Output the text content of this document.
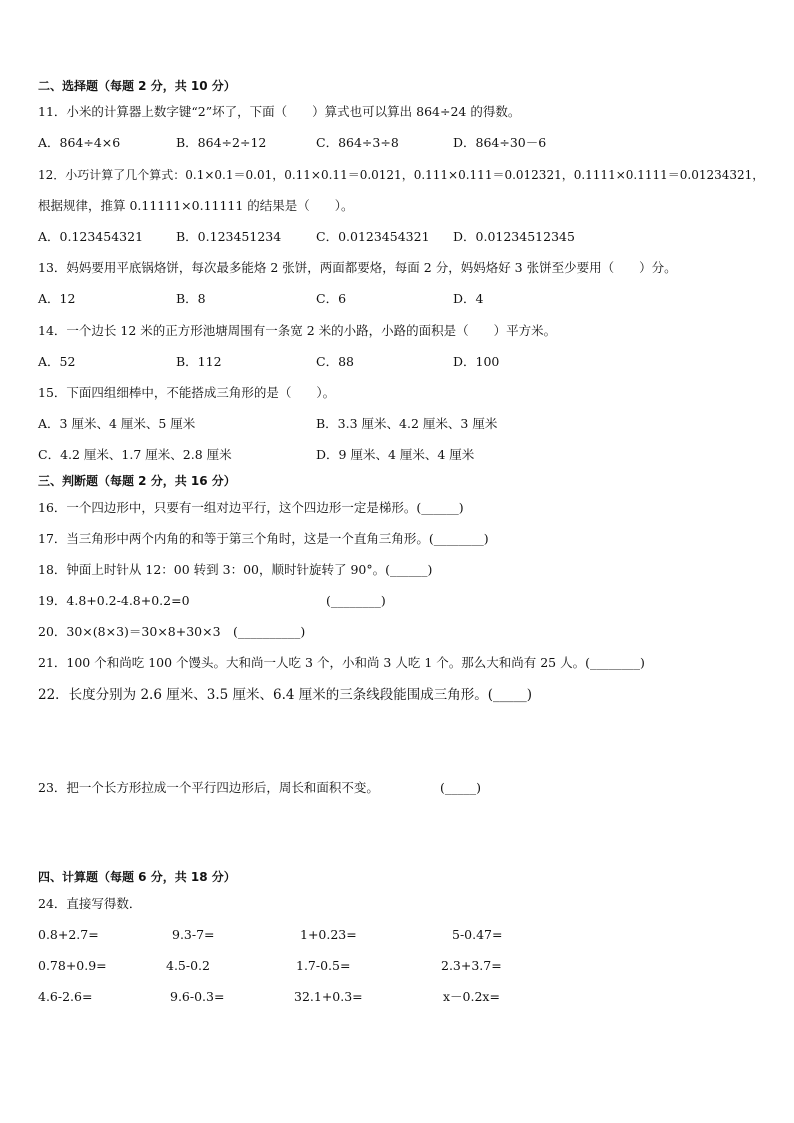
二、选择题（每题 2 分，共 10 分）
11．小米的计算器上数字键“2”坏了，下面（　　）算式也可以算出 864÷24 的得数。
A．864÷4×6	B．864÷2÷12	C．864÷3÷8	D．864÷30－6
12．小巧计算了几个算式：0.1×0.1＝0.01，0.11×0.11＝0.0121，0.111×0.111＝0.012321，0.1111×0.1111＝0.01234321，
根据规律，推算 0.11111×0.11111 的结果是（　　）。
A．0.123454321	B．0.123451234	C．0.0123454321 D．0.01234512345
13．妈妈要用平底锅烙饼，每次最多能烙 2 张饼，两面都要烙，每面 2 分，妈妈烙好 3 张饼至少要用（　　）分。
A．12	B．8	C．6	D．4
14．一个边长 12 米的正方形池塘周围有一条宽 2 米的小路，小路的面积是（　　）平方米。
A．52	B．112	C．88	D．100
15．下面四组细棒中，不能搭成三角形的是（　　）。
A．3 厘米、4 厘米、5 厘米	B．3.3 厘米、4.2 厘米、3 厘米
C．4.2 厘米、1.7 厘米、2.8 厘米	D．9 厘米、4 厘米、4 厘米
三、判断题（每题 2 分，共 16 分）
16．一个四边形中，只要有一组对边平行，这个四边形一定是梯形。(______)
17．当三角形中两个内角的和等于第三个角时，这是一个直角三角形。(________)
18．钟面上时针从 12：00 转到 3：00，顺时针旋转了 90°。(______)
19．4.8+0.2-4.8+0.2=0	(________)
20．30×(8×3)＝30×8+30×3　(__________)
21．100 个和尚吃 100 个馒头。大和尚一人吃 3 个，小和尚 3 人吃 1 个。那么大和尚有 25 人。(________)
22．长度分别为 2.6 厘米、3.5 厘米、6.4 厘米的三条线段能围成三角形。(_____)
23．把一个长方形拉成一个平行四边形后，周长和面积不变。	(_____)
四、计算题（每题 6 分，共 18 分）
24．直接写得数．
0.8+2.7=	9.3-7=	1+0.23=	5-0.47=
0.78+0.9=	4.5-0.2	1.7-0.5=	2.3+3.7=
4.6-2.6=	9.6-0.3=	32.1+0.3=	x－0.2x=
